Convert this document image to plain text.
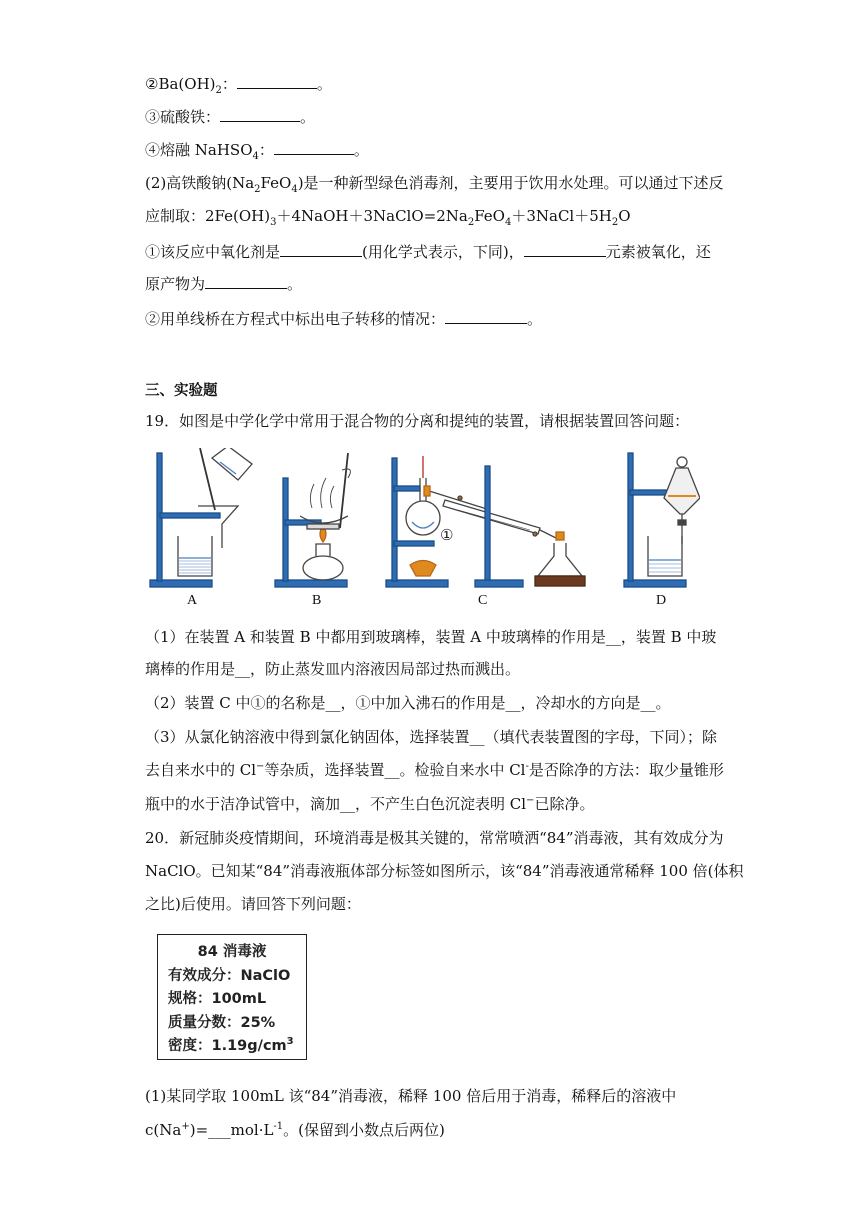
$②Ba(OH)_2$：	。
③硫酸铁：	。
④熔融 NaHSO$_4$：	。
(2)高铁酸钠$(Na_2FeO_4)$是一种新型绿色消毒剂，主要用于饮用水处理。可以通过下述反
应制取：$2Fe(OH)_3+4NaOH+3NaClO=2Na_2FeO_4+3NaCl+5H_2O$
①该反应中氧化剂是	(用化学式表示，下同)，	元素被氧化，还
原产物为	。
②用单线桥在方程式中标出电子转移的情况：	。
三、实验题
19．如图是中学化学中常用于混合物的分离和提纯的装置，请根据装置回答问题：
①
A	B	C	D
（1）在装置 A 和装置 B 中都用到玻璃棒，装置 A 中玻璃棒的作用是__，装置 B 中玻
璃棒的作用是__，防止蒸发皿内溶液因局部过热而溅出。
（2）装置 C 中①的名称是__，①中加入沸石的作用是__，冷却水的方向是__。
（3）从氯化钠溶液中得到氯化钠固体，选择装置__（填代表装置图的字母，下同）；除
去自来水中的 Cl−等杂质，选择装置__。检验自来水中 Cl-是否除净的方法：取少量锥形
瓶中的水于洁净试管中，滴加__，不产生白色沉淀表明 Cl−已除净。
20．新冠肺炎疫情期间，环境消毒是极其关键的，常常喷洒“84”消毒液，其有效成分为
NaClO。已知某“84”消毒液瓶体部分标签如图所示，该“84”消毒液通常稀释 100 倍(体积
之比)后使用。请回答下列问题：
84 消毒液
有效成分：NaClO
规格：100mL
质量分数：25%
密度：$1.19g/cm^3$
(1)某同学取 100mL 该“84”消毒液，稀释 100 倍后用于消毒，稀释后的溶液中
$c(Na^+)=\_\_\_mol\cdot L^{-1}$。(保留到小数点后两位)
